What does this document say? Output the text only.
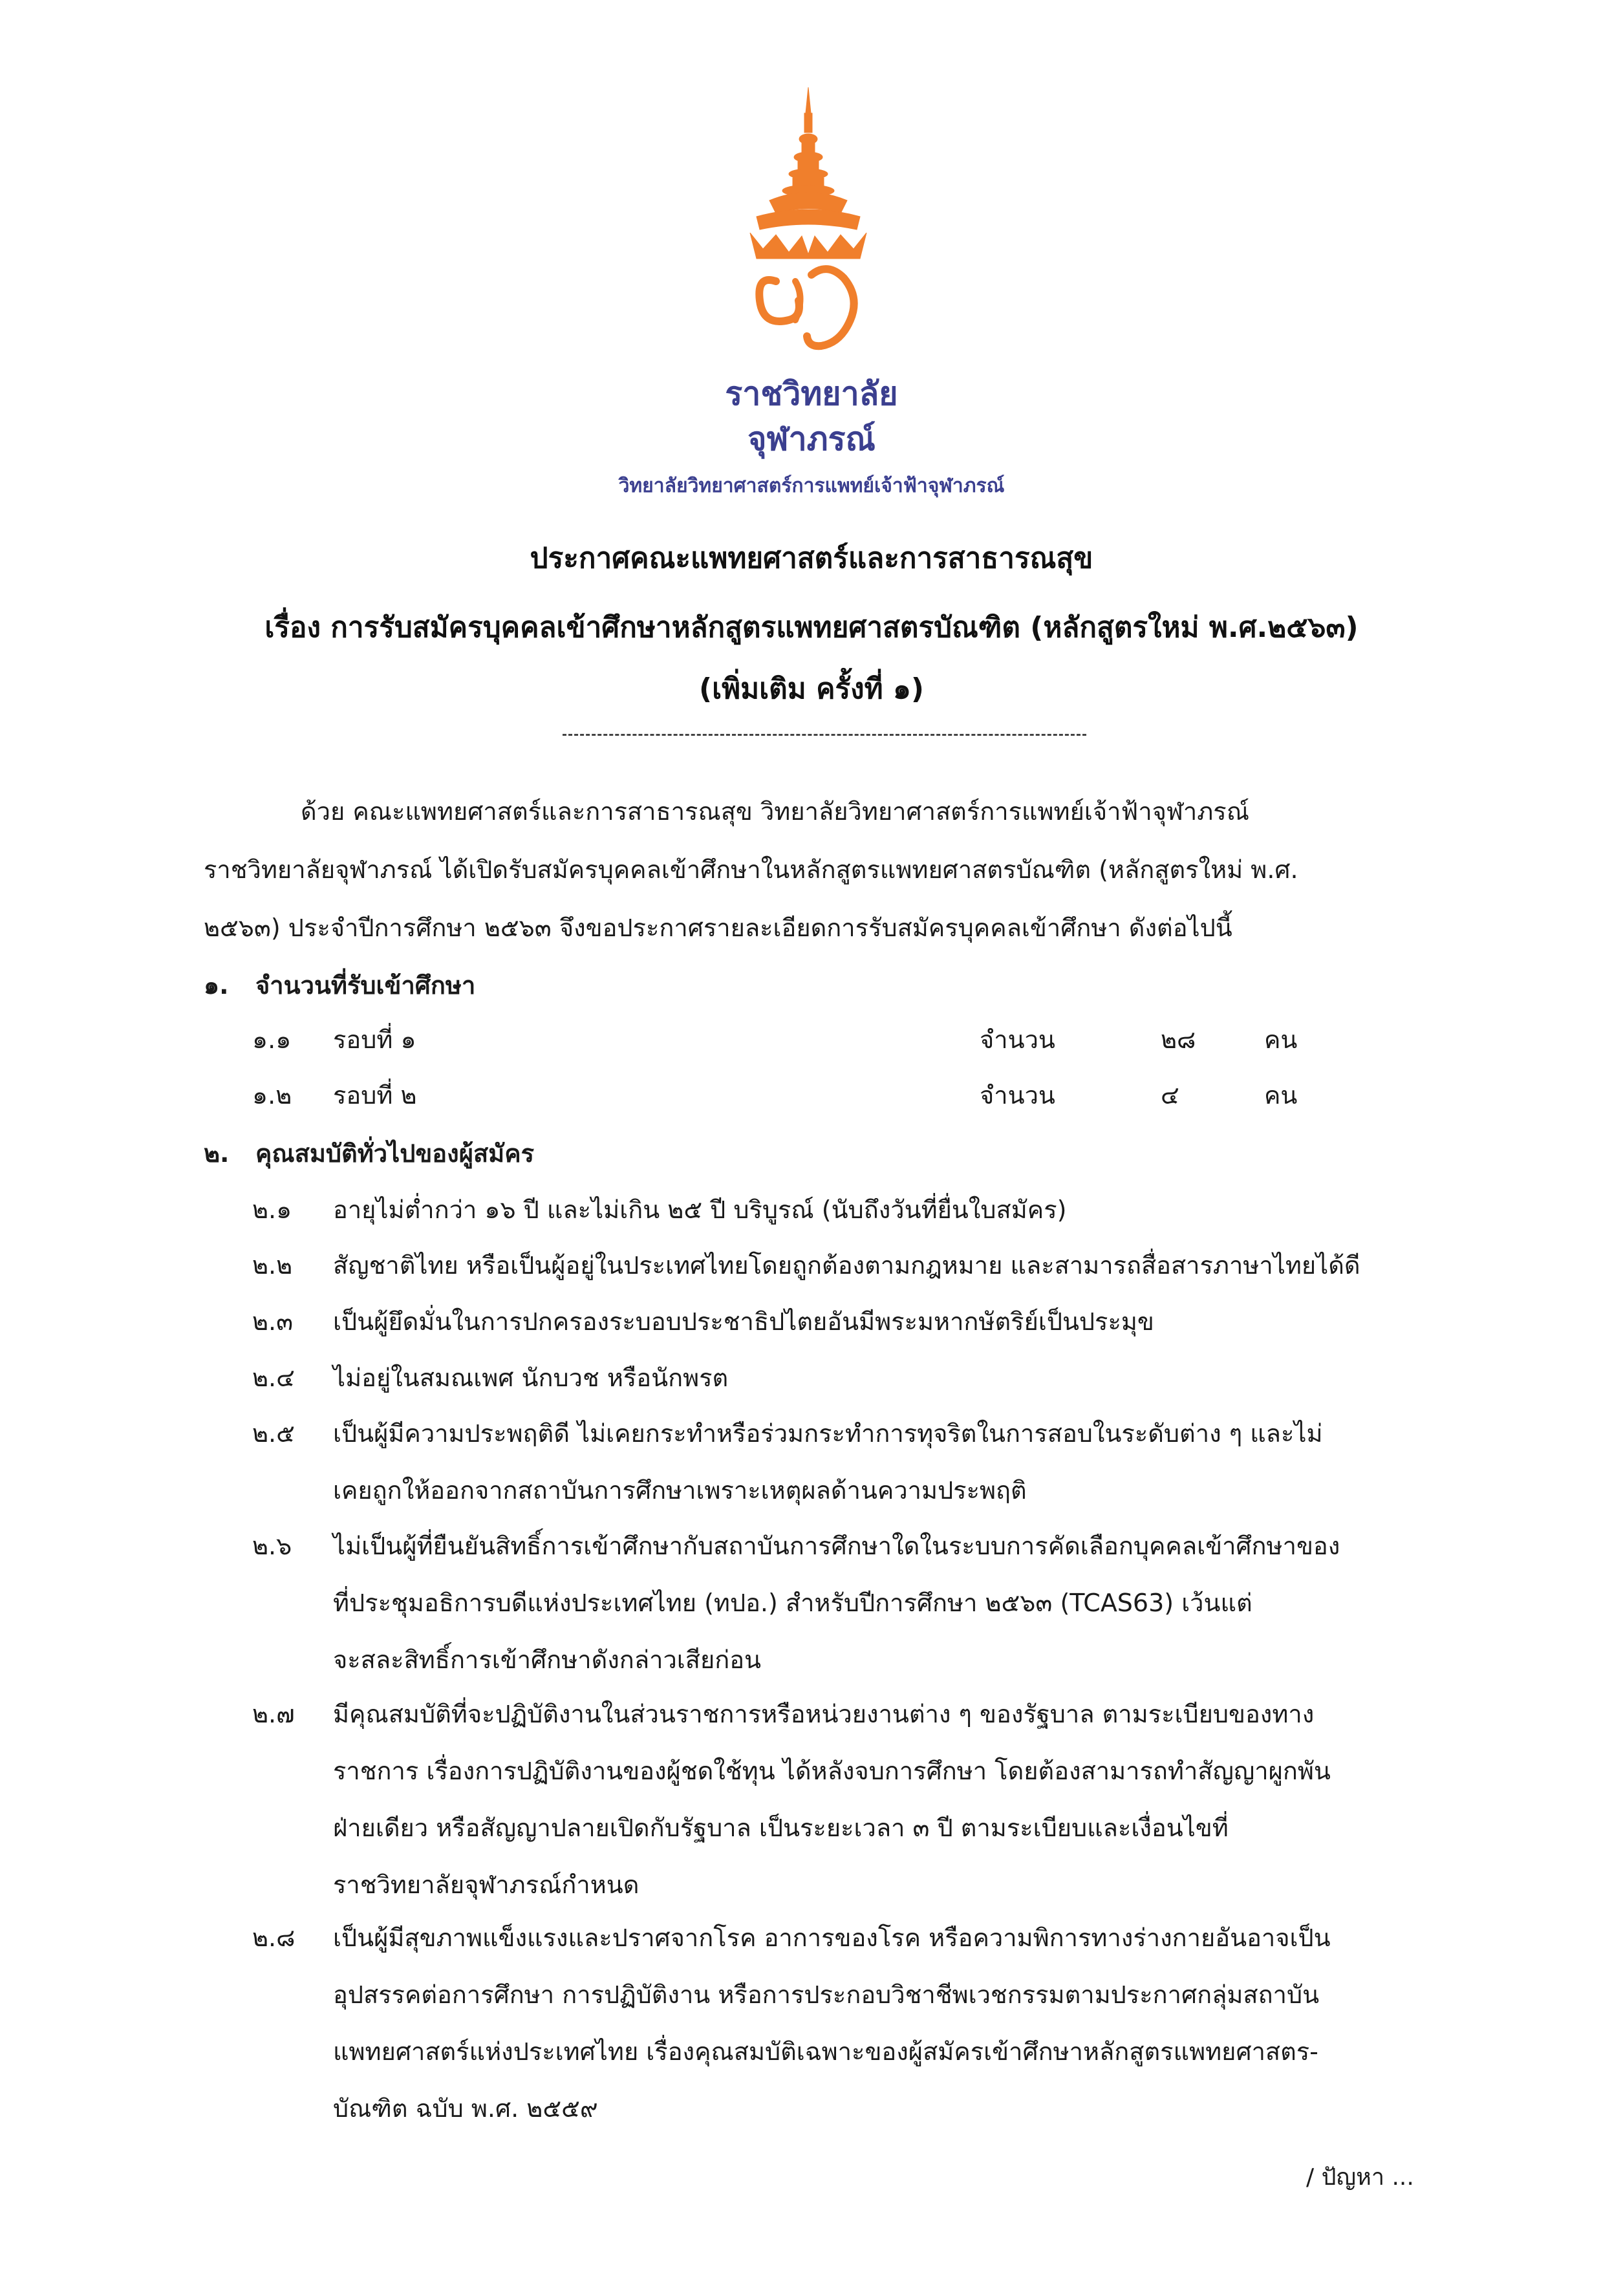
ราชวิทยาลัย
จุฬาภรณ์
วิทยาลัยวิทยาศาสตร์การแพทย์เจ้าฟ้าจุฬาภรณ์
ประกาศคณะแพทยศาสตร์และการสาธารณสุข
เรื่อง การรับสมัครบุคคลเข้าศึกษาหลักสูตรแพทยศาสตรบัณฑิต (หลักสูตรใหม่ พ.ศ.๒๕๖๓)
(เพิ่มเติม ครั้งที่ ๑)
ด้วย คณะแพทยศาสตร์และการสาธารณสุข วิทยาลัยวิทยาศาสตร์การแพทย์เจ้าฟ้าจุฬาภรณ์
ราชวิทยาลัยจุฬาภรณ์ ได้เปิดรับสมัครบุคคลเข้าศึกษาในหลักสูตรแพทยศาสตรบัณฑิต (หลักสูตรใหม่ พ.ศ.
๒๕๖๓) ประจำปีการศึกษา ๒๕๖๓ จึงขอประกาศรายละเอียดการรับสมัครบุคคลเข้าศึกษา ดังต่อไปนี้
๑. จำนวนที่รับเข้าศึกษา
๑.๑ รอบที่ ๑	จำนวน	๒๘	คน
๑.๒ รอบที่ ๒	จำนวน	๔	คน
๒. คุณสมบัติทั่วไปของผู้สมัคร
๒.๑ อายุไม่ต่ำกว่า ๑๖ ปี และไม่เกิน ๒๕ ปี บริบูรณ์ (นับถึงวันที่ยื่นใบสมัคร)
๒.๒ สัญชาติไทย หรือเป็นผู้อยู่ในประเทศไทยโดยถูกต้องตามกฎหมาย และสามารถสื่อสารภาษาไทยได้ดี
๒.๓ เป็นผู้ยึดมั่นในการปกครองระบอบประชาธิปไตยอันมีพระมหากษัตริย์เป็นประมุข
๒.๔ ไม่อยู่ในสมณเพศ นักบวช หรือนักพรต
๒.๕ เป็นผู้มีความประพฤติดี ไม่เคยกระทำหรือร่วมกระทำการทุจริตในการสอบในระดับต่าง ๆ และไม่
เคยถูกให้ออกจากสถาบันการศึกษาเพราะเหตุผลด้านความประพฤติ
๒.๖ ไม่เป็นผู้ที่ยืนยันสิทธิ์การเข้าศึกษากับสถาบันการศึกษาใดในระบบการคัดเลือกบุคคลเข้าศึกษาของ
ที่ประชุมอธิการบดีแห่งประเทศไทย (ทปอ.) สำหรับปีการศึกษา ๒๕๖๓ (TCAS63) เว้นแต่
จะสละสิทธิ์การเข้าศึกษาดังกล่าวเสียก่อน
๒.๗ มีคุณสมบัติที่จะปฏิบัติงานในส่วนราชการหรือหน่วยงานต่าง ๆ ของรัฐบาล ตามระเบียบของทาง
ราชการ เรื่องการปฏิบัติงานของผู้ชดใช้ทุน ได้หลังจบการศึกษา โดยต้องสามารถทำสัญญาผูกพัน
ฝ่ายเดียว หรือสัญญาปลายเปิดกับรัฐบาล เป็นระยะเวลา ๓ ปี ตามระเบียบและเงื่อนไขที่
ราชวิทยาลัยจุฬาภรณ์กำหนด
๒.๘ เป็นผู้มีสุขภาพแข็งแรงและปราศจากโรค อาการของโรค หรือความพิการทางร่างกายอันอาจเป็น
อุปสรรคต่อการศึกษา การปฏิบัติงาน หรือการประกอบวิชาชีพเวชกรรมตามประกาศกลุ่มสถาบัน
แพทยศาสตร์แห่งประเทศไทย เรื่องคุณสมบัติเฉพาะของผู้สมัครเข้าศึกษาหลักสูตรแพทยศาสตร-
บัณฑิต ฉบับ พ.ศ. ๒๕๕๙
/ ปัญหา ...
